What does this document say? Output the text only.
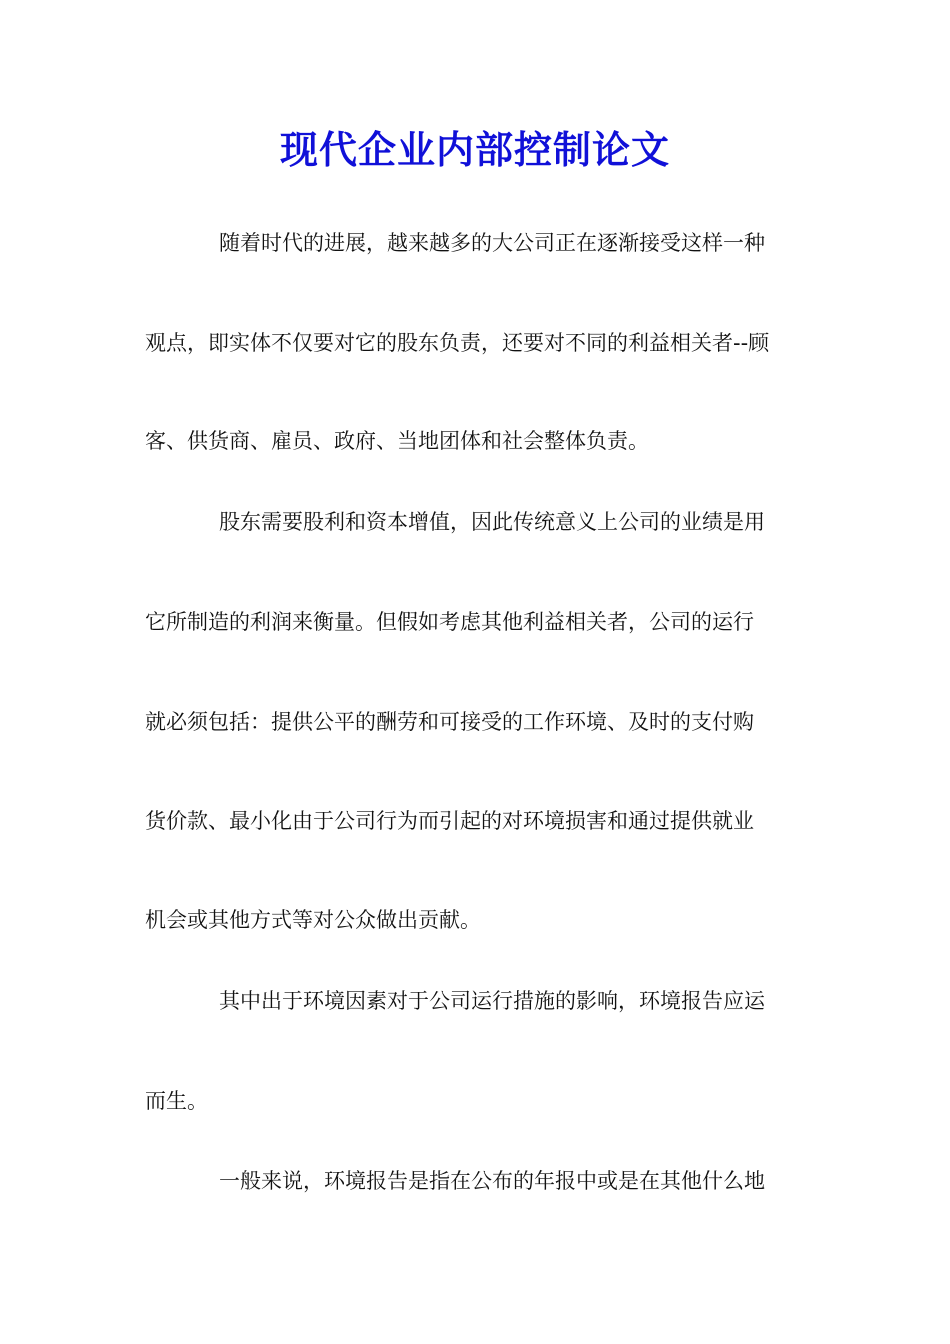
现代企业内部控制论文

随着时代的进展，越来越多的大公司正在逐渐接受这样一种

观点，即实体不仅要对它的股东负责，还要对不同的利益相关者--顾

客、供货商、雇员、政府、当地团体和社会整体负责。

股东需要股利和资本增值，因此传统意义上公司的业绩是用

它所制造的利润来衡量。但假如考虑其他利益相关者，公司的运行

就必须包括：提供公平的酬劳和可接受的工作环境、及时的支付购

货价款、最小化由于公司行为而引起的对环境损害和通过提供就业

机会或其他方式等对公众做出贡献。

其中出于环境因素对于公司运行措施的影响，环境报告应运

而生。

一般来说，环境报告是指在公布的年报中或是在其他什么地
